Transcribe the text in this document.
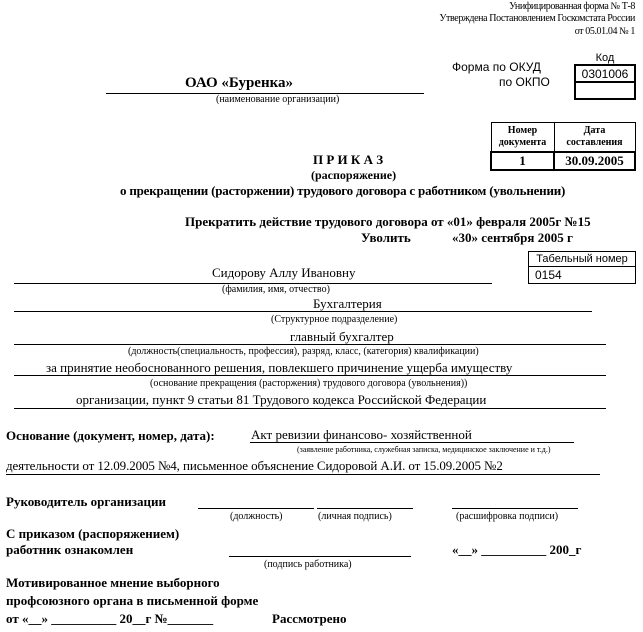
Унифицированная форма № Т-8
Утверждена Постановлением Госкомстата России
от 05.01.04 № 1
Форма по ОКУД
по ОКПО
Код
0301006

ОАО «Буренка»
(наименование организации)
Номер документа	Дата составления
1	30.09.2005
П Р И К А З
(распоряжение)
о прекращении (расторжении) трудового договора с работником (увольнении)
Прекратить действие трудового договора от «01» февраля 2005г №15
Уволить	«30» сентября 2005 г
Табельный номер
0154
Сидорову Аллу Ивановну
(фамилия, имя, отчество)
Бухгалтерия
(Структурное подразделение)
главный бухгалтер
(должность(специальность, профессия), разряд, класс, (категория) квалификации)
за принятие необоснованного решения, повлекшего причинение ущерба имуществу
(основание прекращения (расторжения) трудового договора (увольнения))
организации, пункт 9 статьи 81 Трудового кодекса Российской Федерации
Основание (документ, номер, дата):	Акт ревизии финансово- хозяйственной
(заявление работника, служебная записка, медицинское заключение и т.д.)
деятельности от 12.09.2005 №4, письменное объяснение Сидоровой А.И. от 15.09.2005 №2
Руководитель организации
(должность)	(личная подпись)	(расшифровка подписи)
С приказом (распоряжением)
работник ознакомлен
(подпись работника)
«__» __________ 200_г
Мотивированное мнение выборного
профсоюзного органа в письменной форме
от «__» __________ 20__г №_______	Рассмотрено
